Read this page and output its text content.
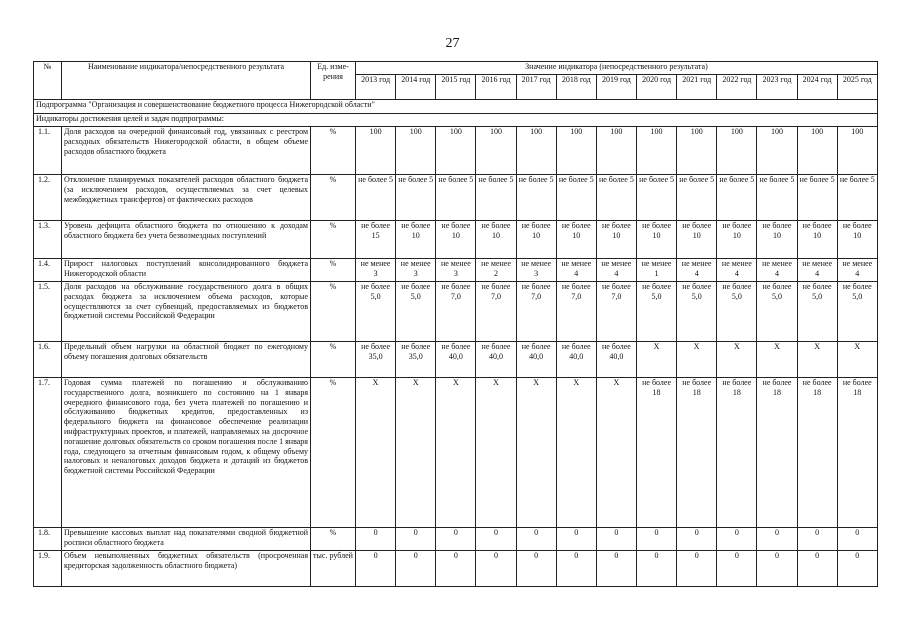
27
№	Наименование индикатора/непосредственного результата	Ед. изме-рения	Значение индикатора (непосредственного результата)												
			2013 год	2014 год	2015 год	2016 год	2017 год	2018 год	2019 год	2020 год	2021 год	2022 год	2023 год	2024 год	2025 год
Подпрограмма "Организация и совершенствование бюджетного процесса Нижегородской области"															
Индикаторы достижения целей и задач подпрограммы:															
1.1.	Доля расходов на очередной финансовый год, увязанных с реестром расходных обязательств Нижегородской области, в общем объеме расходов областного бюджета	%	100	100	100	100	100	100	100	100	100	100	100	100	100
1.2.	Отклонение планируемых показателей расходов областного бюджета (за исключением расходов, осуществляемых за счет целевых межбюджетных трансфертов) от фактических расходов	%	не более 5	не более 5	не более 5	не более 5	не более 5	не более 5	не более 5	не более 5	не более 5	не более 5	не более 5	не более 5	не более 5
1.3.	Уровень дефицита областного бюджета по отношению к доходам областного бюджета без учета безвозмездных поступлений	%	не более 15	не более 10	не более 10	не более 10	не более 10	не более 10	не более 10	не более 10	не более 10	не более 10	не более 10	не более 10	не более 10
1.4.	Прирост налоговых поступлений консолидированного бюджета Нижегородской области	%	не менее 3	не менее 3	не менее 3	не менее 2	не менее 3	не менее 4	не менее 4	не менее 1	не менее 4	не менее 4	не менее 4	не менее 4	не менее 4
1.5.	Доля расходов на обслуживание государственного долга в общих расходах бюджета за исключением объема расходов, которые осуществляются за счет субвенций, предоставляемых из бюджетов бюджетной системы Российской Федерации	%	не более 5,0	не более 5,0	не более 7,0	не более 7,0	не более 7,0	не более 7,0	не более 7,0	не более 5,0	не более 5,0	не более 5,0	не более 5,0	не более 5,0	не более 5,0
1.6.	Предельный объем нагрузки на областной бюджет по ежегодному объему погашения долговых обязательств	%	не более 35,0	не более 35,0	не более 40,0	не более 40,0	не более 40,0	не более 40,0	не более 40,0	X	X	X	X	X	X
1.7.	Годовая сумма платежей по погашению и обслуживанию государственного долга, возникшего по состоянию на 1 января очередного финансового года, без учета платежей по погашению и обслуживанию бюджетных кредитов, предоставленных из федерального бюджета на финансовое обеспечение реализации инфраструктурных проектов, и платежей, направляемых на досрочное погашение долговых обязательств со сроком погашения после 1 января года, следующего за отчетным финансовым годом, к общему объему налоговых и неналоговых доходов бюджета и дотаций из бюджетов бюджетной системы Российской Федерации	%	X	X	X	X	X	X	X	не более 18	не более 18	не более 18	не более 18	не более 18	не более 18
1.8.	Превышение кассовых выплат над показателями сводной бюджетной росписи областного бюджета	%	0	0	0	0	0	0	0	0	0	0	0	0	0
1.9.	Объем невыполненных бюджетных обязательств (просроченная кредиторская задолженность областного бюджета)	тыс. рублей	0	0	0	0	0	0	0	0	0	0	0	0	0
